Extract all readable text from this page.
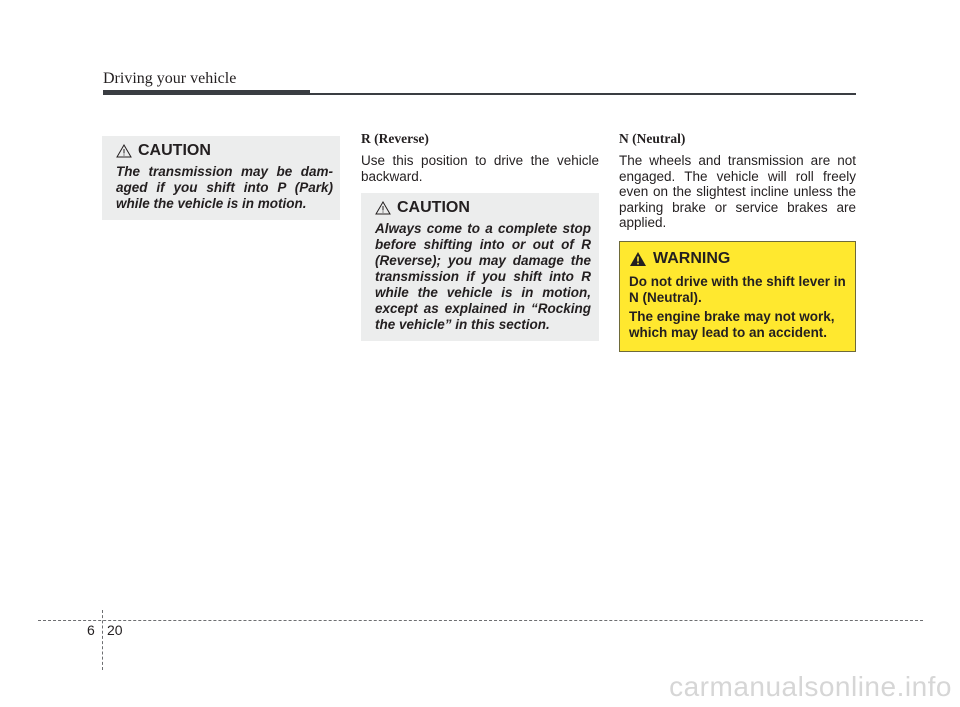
Driving your vehicle
CAUTION
The transmission may be dam-aged if you shift into P (Park) while the vehicle is in motion.
R (Reverse)
Use this position to drive the vehicle backward.
CAUTION
Always come to a complete stop before shifting into or out of R (Reverse); you may damage the transmission if you shift into R while the vehicle is in motion, except as explained in “Rocking the vehicle” in this section.
N (Neutral)
The wheels and transmission are not engaged. The vehicle will roll freely even on the slightest incline unless the parking brake or service brakes are applied.
WARNING

Do not drive with the shift lever in N (Neutral).

The engine brake may not work, which may lead to an accident.

6 20
carmanualsonline.info
